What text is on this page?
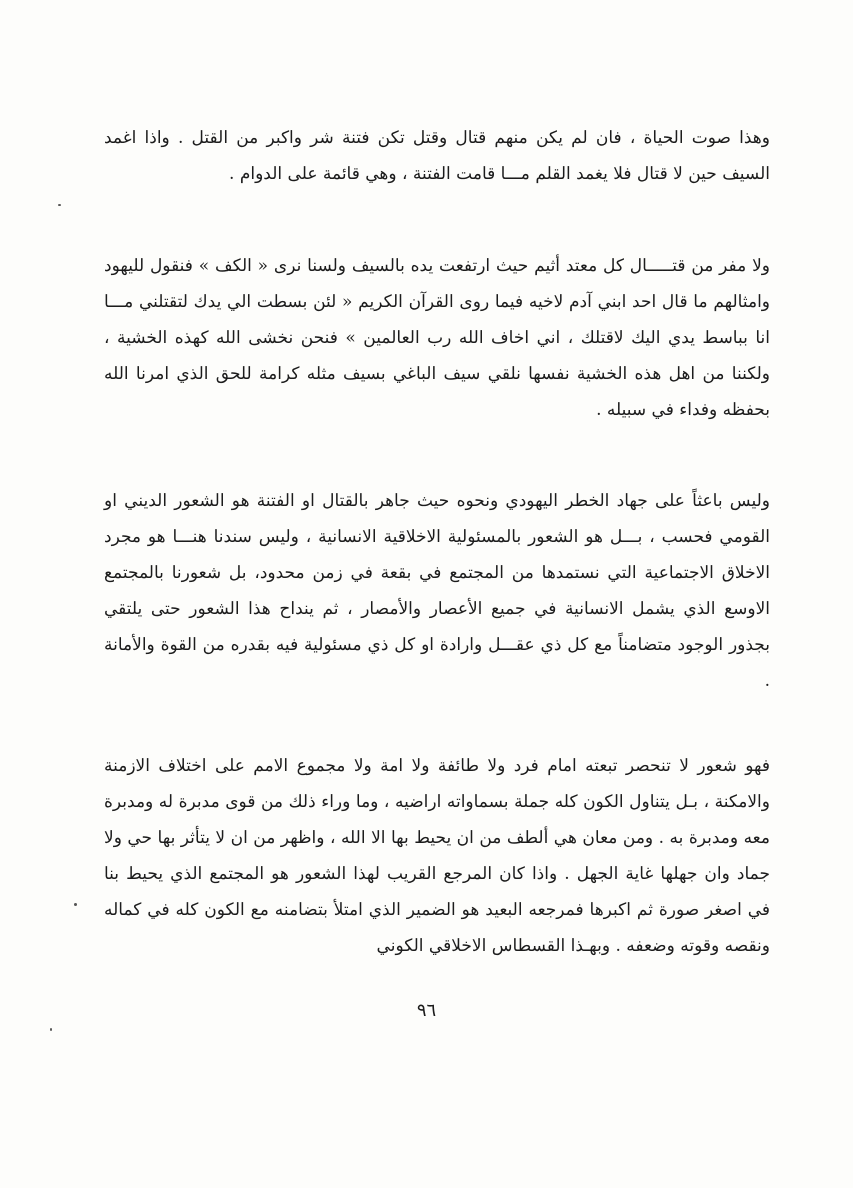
وهذا صوت الحياة ، فان لم يكن منهم قتال وقتل تكن فتنة شر واكبر من القتل . واذا اغمد السيف حين لا قتال فلا يغمد القلم مـــا قامت الفتنة ، وهي قائمة على الدوام .

ولا مفر من قتـــــال كل معتد أثيم حيث ارتفعت يده بالسيف ولسنا نرى « الكف » فنقول لليهود وامثالهم ما قال احد ابني آدم لاخيه فيما روى القرآن الكريم « لئن بسطت الي يدك لتقتلني مـــا انا بباسط يدي اليك لاقتلك ، اني اخاف الله رب العالمين » فنحن نخشى الله كهذه الخشية ، ولكننا من اهل هذه الخشية نفسها نلقي سيف الباغي بسيف مثله كرامة للحق الذي امرنا الله بحفظه وفداء في سبيله .

وليس باعثاً على جهاد الخطر اليهودي ونحوه حيث جاهر بالقتال او الفتنة هو الشعور الديني او القومي فحسب ، بـــل هو الشعور بالمسئولية الاخلاقية الانسانية ، وليس سندنا هنـــا هو مجرد الاخلاق الاجتماعية التي نستمدها من المجتمع في بقعة في زمن محدود، بل شعورنا بالمجتمع الاوسع الذي يشمل الانسانية في جميع الأعصار والأمصار ، ثم ينداح هذا الشعور حتى يلتقي بجذور الوجود متضامناً مع كل ذي عقـــل وارادة او كل ذي مسئولية فيه بقدره من القوة والأمانة .

فهو شعور لا تنحصر تبعته امام فرد ولا طائفة ولا امة ولا مجموع الامم على اختلاف الازمنة والامكنة ، بـل يتناول الكون كله جملة بسماواته اراضيه ، وما وراء ذلك من قوى مدبرة له ومدبرة معه ومدبرة به . ومن معان هي ألطف من ان يحيط بها الا الله ، واظهر من ان لا يتأثر بها حي ولا جماد وان جهلها غاية الجهل . واذا كان المرجع القريب لهذا الشعور هو المجتمع الذي يحيط بنا في اصغر صورة ثم اكبرها فمرجعه البعيد هو الضمير الذي امتلأ بتضامنه مع الكون كله في كماله ونقصه وقوته وضعفه . وبهـذا القسطاس الاخلاقي الكوني

٩٦
